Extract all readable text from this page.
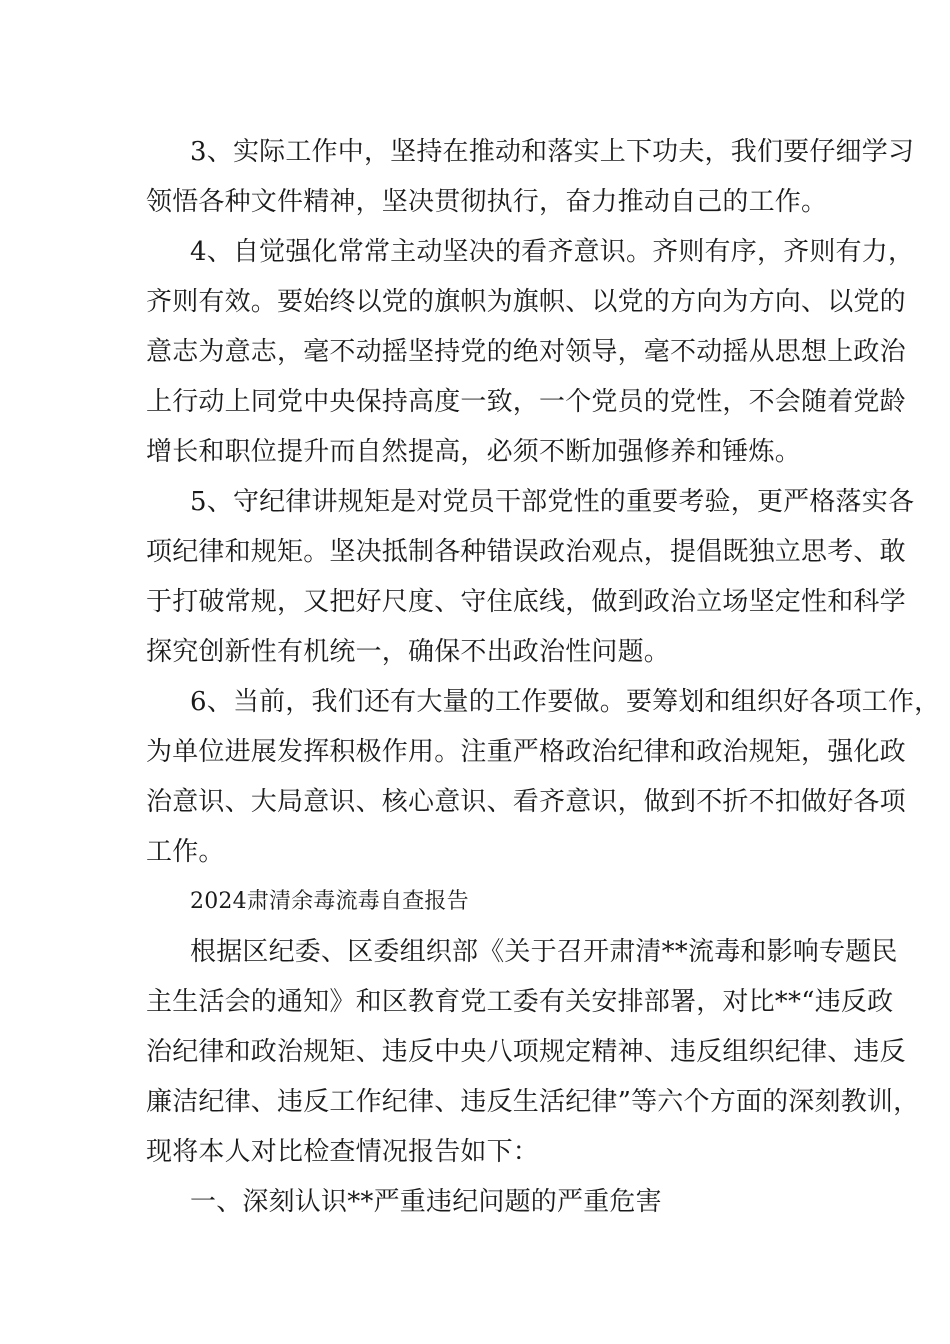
3、实际工作中，坚持在推动和落实上下功夫，我们要仔细学习
领悟各种文件精神，坚决贯彻执行，奋力推动自己的工作。
4、自觉强化常常主动坚决的看齐意识。齐则有序，齐则有力，
齐则有效。要始终以党的旗帜为旗帜、以党的方向为方向、以党的
意志为意志，毫不动摇坚持党的绝对领导，毫不动摇从思想上政治
上行动上同党中央保持高度一致，一个党员的党性，不会随着党龄
增长和职位提升而自然提高，必须不断加强修养和锤炼。
5、守纪律讲规矩是对党员干部党性的重要考验，更严格落实各
项纪律和规矩。坚决抵制各种错误政治观点，提倡既独立思考、敢
于打破常规，又把好尺度、守住底线，做到政治立场坚定性和科学
探究创新性有机统一，确保不出政治性问题。
6、当前，我们还有大量的工作要做。要筹划和组织好各项工作，
为单位进展发挥积极作用。注重严格政治纪律和政治规矩，强化政
治意识、大局意识、核心意识、看齐意识，做到不折不扣做好各项
工作。
2024肃清余毒流毒自查报告
根据区纪委、区委组织部《关于召开肃清**流毒和影响专题民
主生活会的通知》和区教育党工委有关安排部署，对比**“违反政
治纪律和政治规矩、违反中央八项规定精神、违反组织纪律、违反
廉洁纪律、违反工作纪律、违反生活纪律”等六个方面的深刻教训，
现将本人对比检查情况报告如下：
一、深刻认识**严重违纪问题的严重危害
